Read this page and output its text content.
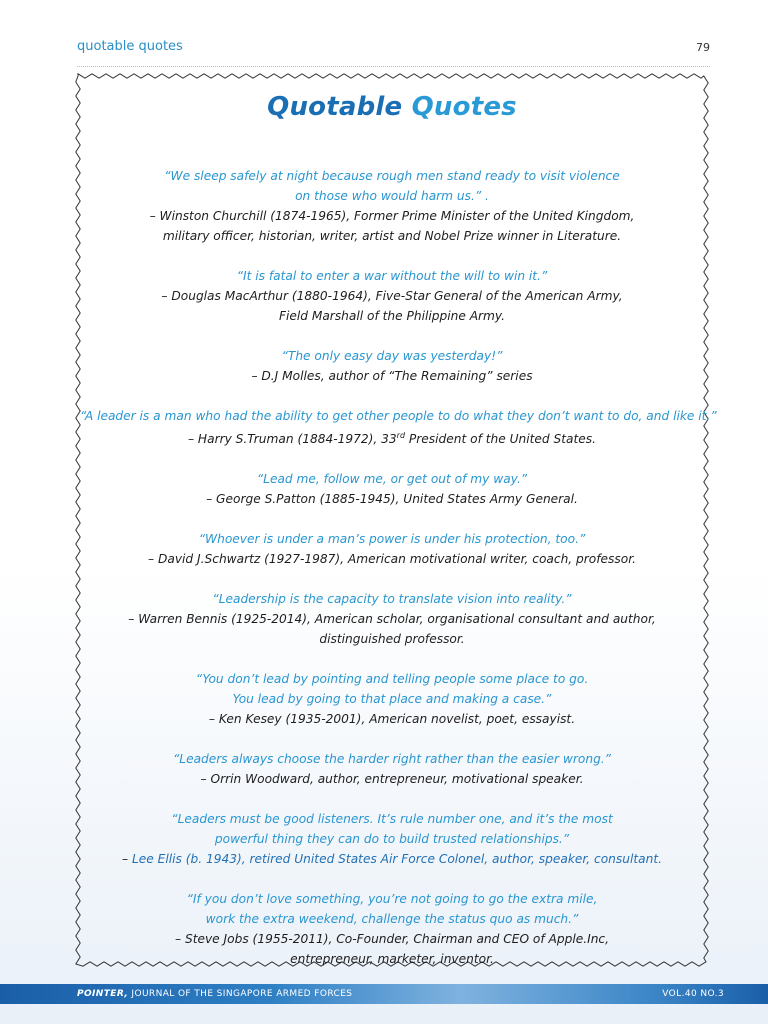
quotable quotes	79
Quotable Quotes
“We sleep safely at night because rough men stand ready to visit violence
on those who would harm us.” .
– Winston Churchill (1874-1965), Former Prime Minister of the United Kingdom,
military officer, historian, writer, artist and Nobel Prize winner in Literature.
“It is fatal to enter a war without the will to win it.”
– Douglas MacArthur (1880-1964), Five-Star General of the American Army,
Field Marshall of the Philippine Army.
“The only easy day was yesterday!”
– D.J Molles, author of “The Remaining” series
“A leader is a man who had the ability to get other people to do what they don’t want to do, and like it.”
– Harry S.Truman (1884-1972), 33rd President of the United States.
“Lead me, follow me, or get out of my way.”
– George S.Patton (1885-1945), United States Army General.
“Whoever is under a man’s power is under his protection, too.”
– David J.Schwartz (1927-1987), American motivational writer, coach, professor.
“Leadership is the capacity to translate vision into reality.”
– Warren Bennis (1925-2014), American scholar, organisational consultant and author,
distinguished professor.
“You don’t lead by pointing and telling people some place to go.
You lead by going to that place and making a case.”
– Ken Kesey (1935-2001), American novelist, poet, essayist.
“Leaders always choose the harder right rather than the easier wrong.”
– Orrin Woodward, author, entrepreneur, motivational speaker.
“Leaders must be good listeners. It’s rule number one, and it’s the most
powerful thing they can do to build trusted relationships.”
– Lee Ellis (b. 1943), retired United States Air Force Colonel, author, speaker, consultant.
“If you don’t love something, you’re not going to go the extra mile,
work the extra weekend, challenge the status quo as much.”
– Steve Jobs (1955-2011), Co-Founder, Chairman and CEO of Apple.Inc,
entrepreneur, marketer, inventor.
POINTER, JOURNAL OF THE SINGAPORE ARMED FORCES	VOL.40 NO.3
